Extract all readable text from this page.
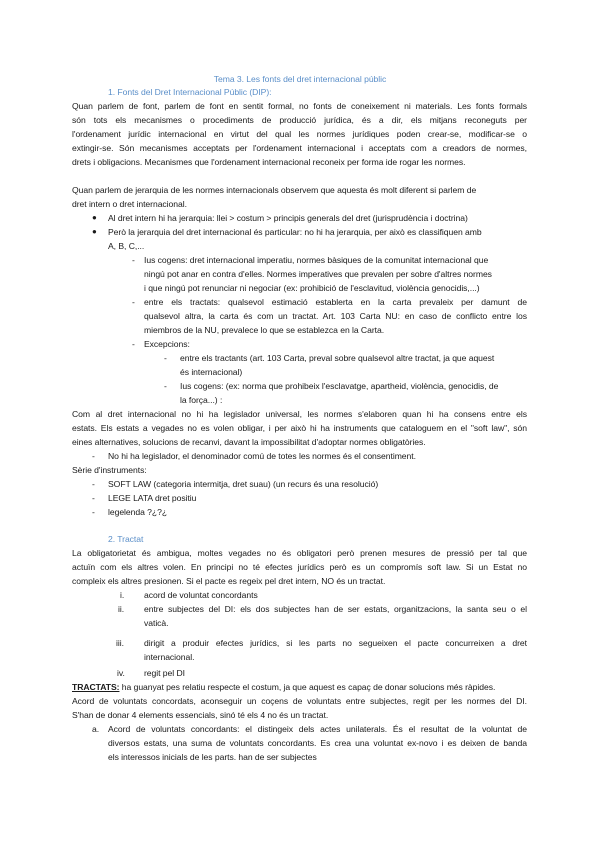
Tema 3. Les fonts del dret internacional públic
1. Fonts del Dret Internacional Públic (DIP):
Quan parlem de font, parlem de font en sentit formal, no fonts de coneixement ni materials. Les fonts formals
són tots els mecanismes o procediments de producció jurídica, és a dir, els mitjans reconeguts per
l'ordenament jurídic internacional en virtut del qual les normes jurídiques poden crear-se, modificar-se o
extingir-se. Són mecanismes acceptats per l'ordenament internacional i acceptats com a creadors de normes,
drets i obligacions. Mecanismes que l'ordenament internacional reconeix per forma ide rogar les normes.
Quan parlem de jerarquia de les normes internacionals observem que aquesta és molt diferent si parlem de
dret intern o dret internacional.
● Al dret intern hi ha jerarquia: llei > costum > principis generals del dret (jurisprudència i doctrina)
● Però la jerarquia del dret internacional és particular: no hi ha jerarquia, per això es classifiquen amb
A, B, C,...
- Ius cogens: dret internacional imperatiu, normes bàsiques de la comunitat internacional que
ningú pot anar en contra d'elles. Normes imperatives que prevalen per sobre d'altres normes
i que ningú pot renunciar ni negociar (ex: prohibició de l'esclavitud, violència genocidis,...)
- entre els tractats: qualsevol estimació establerta en la carta prevaleix per damunt de
qualsevol altra, la carta és com un tractat. Art. 103 Carta NU: en caso de conflicto entre los
miembros de la NU, prevalece lo que se establezca en la Carta.
- Excepcions:
- entre els tractants (art. 103 Carta, preval sobre qualsevol altre tractat, ja que aquest
és internacional)
- Ius cogens: (ex: norma que prohibeix l'esclavatge, apartheid, violència, genocidis, de
la força...) :
Com al dret internacional no hi ha legislador universal, les normes s'elaboren quan hi ha consens entre els
estats. Els estats a vegades no es volen obligar, i per això hi ha instruments que cataloguem en el "soft law", són
eines alternatives, solucions de recanvi, davant la impossibilitat d'adoptar normes obligatòries.
- No hi ha legislador, el denominador comú de totes les normes és el consentiment.
Sèrie d'instruments:
- SOFT LAW (categoria intermitja, dret suau) (un recurs és una resolució)
- LEGE LATA dret positiu
- legelenda ?¿?¿
2. Tractat
La obligatorietat és ambigua, moltes vegades no és obligatori però prenen mesures de pressió per tal que
actuïn com els altres volen. En principi no té efectes jurídics però es un compromís soft law. Si un Estat no
compleix els altres presionen. Si el pacte es regeix pel dret intern, NO és un tractat.
i. acord de voluntat concordants
ii. entre subjectes del DI: els dos subjectes han de ser estats, organitzacions, la santa seu o el
vaticà.
iii. dirigit a produir efectes jurídics, si les parts no segueixen el pacte concurreixen a dret
internacional.
iv. regit pel DI
TRACTATS: ha guanyat pes relatiu respecte el costum, ja que aquest es capaç de donar solucions més ràpides.
Acord de voluntats concordats, aconseguir un coçens de voluntats entre subjectes, regit per les normes del DI.
S'han de donar 4 elements essencials, sinó té els 4 no és un tractat.
a. Acord de voluntats concordants: el distingeix dels actes unilaterals. És el resultat de la voluntat de
diversos estats, una suma de voluntats concordants. Es crea una voluntat ex-novo i es deixen de banda
els interessos inicials de les parts. han de ser subjectes
